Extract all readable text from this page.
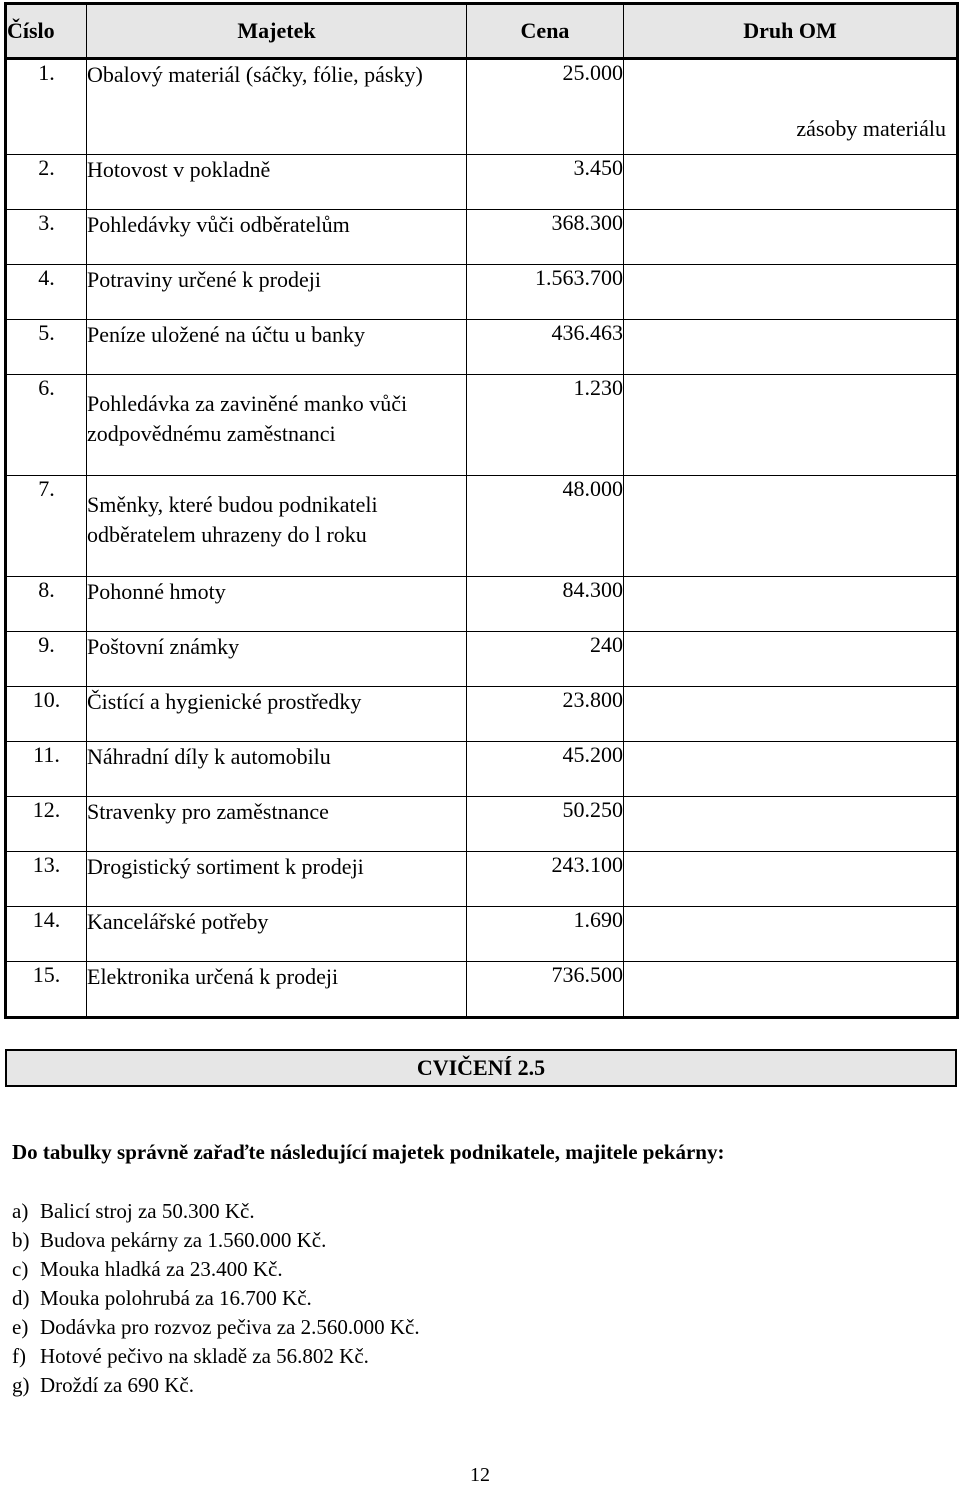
Číslo	Majetek	Cena	Druh OM
1.	Obalový materiál (sáčky, fólie, pásky)	25.000	zásoby materiálu

2.	Hotovost v pokladně	3.450	
3.	Pohledávky vůči odběratelům	368.300	
4.	Potraviny určené k prodeji	1.563.700	
5.	Peníze uložené na účtu u banky	436.463	
6.	Pohledávka za zaviněné manko vůči zodpovědnému zaměstnanci	1.230	
7.	Směnky, které budou podnikateli odběratelem uhrazeny do l roku	48.000	
8.	Pohonné hmoty	84.300	
9.	Poštovní známky	240	
10.	Čistící a hygienické prostředky	23.800	
11.	Náhradní díly k automobilu	45.200	
12.	Stravenky pro zaměstnance	50.250	
13.	Drogistický sortiment k prodeji	243.100	
14.	Kancelářské potřeby	1.690	
15.	Elektronika určená k prodeji	736.500	
CVIČENÍ 2.5
Do tabulky správně zařaďte následující majetek podnikatele, majitele pekárny:
a) Balicí stroj za 50.300 Kč.
b) Budova pekárny za 1.560.000 Kč.
c) Mouka hladká za 23.400 Kč.
d) Mouka polohrubá za 16.700 Kč.
e) Dodávka pro rozvoz pečiva za 2.560.000 Kč.
f) Hotové pečivo na skladě za 56.802 Kč.
g) Droždí za 690 Kč.
12
